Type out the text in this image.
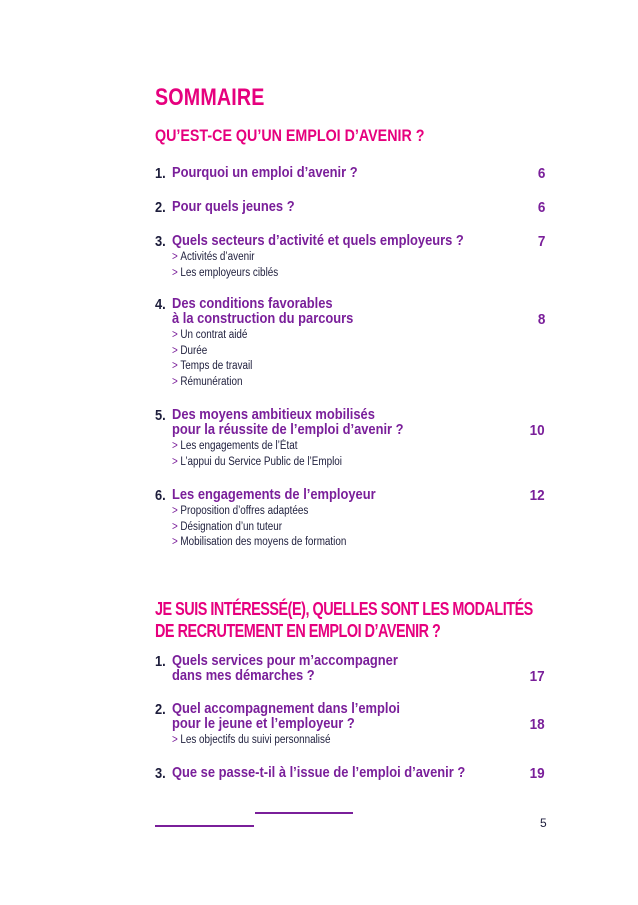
SOMMAIRE
QU’EST-CE QU’UN EMPLOI D’AVENIR ?
1. Pourquoi un emploi d’avenir ?	6
2. Pour quels jeunes ?	6
3. Quels secteurs d’activité et quels employeurs ?	7
> Activités d’avenir
> Les employeurs ciblés
4. Des conditions favorables
à la construction du parcours	8
> Un contrat aidé
> Durée
> Temps de travail
> Rémunération
5. Des moyens ambitieux mobilisés
pour la réussite de l’emploi d’avenir ?	10
> Les engagements de l’État
> L’appui du Service Public de l’Emploi
6. Les engagements de l’employeur	12
> Proposition d’offres adaptées
> Désignation d’un tuteur
> Mobilisation des moyens de formation
JE SUIS INTÉRESSÉ(E), QUELLES SONT LES MODALITÉS
DE RECRUTEMENT EN EMPLOI D’AVENIR ?
1. Quels services pour m’accompagner
dans mes démarches ?	17
2. Quel accompagnement dans l’emploi
pour le jeune et l’employeur ?	18
> Les objectifs du suivi personnalisé
3. Que se passe-t-il à l’issue de l’emploi d’avenir ?	19
5
